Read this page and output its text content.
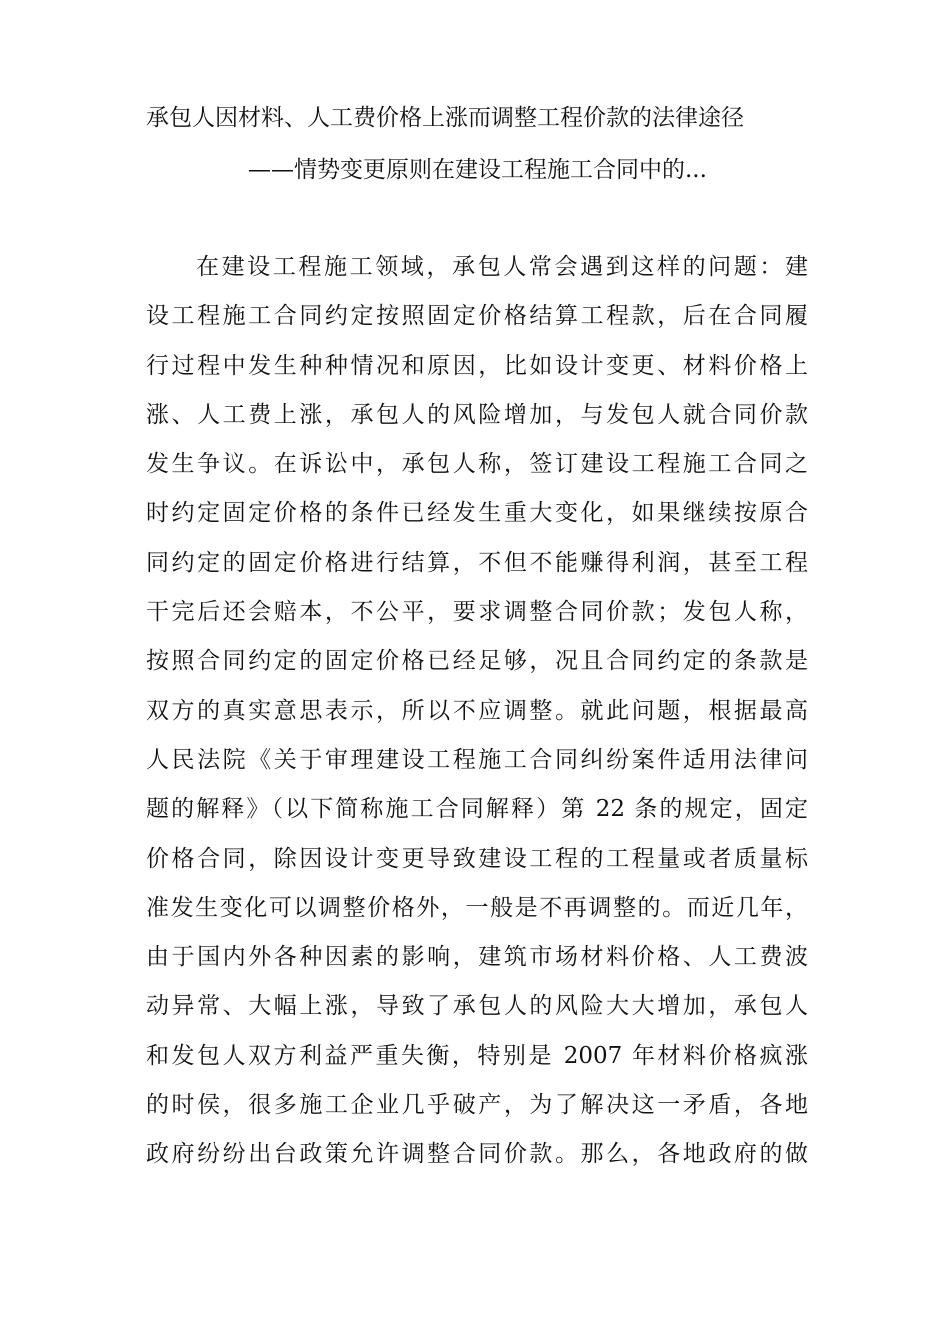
承包人因材料、人工费价格上涨而调整工程价款的法律途径
——情势变更原则在建设工程施工合同中的...
在建设工程施工领域，承包人常会遇到这样的问题：建
设工程施工合同约定按照固定价格结算工程款，后在合同履
行过程中发生种种情况和原因，比如设计变更、材料价格上
涨、人工费上涨，承包人的风险增加，与发包人就合同价款
发生争议。在诉讼中，承包人称，签订建设工程施工合同之
时约定固定价格的条件已经发生重大变化，如果继续按原合
同约定的固定价格进行结算，不但不能赚得利润，甚至工程
干完后还会赔本，不公平，要求调整合同价款；发包人称，
按照合同约定的固定价格已经足够，况且合同约定的条款是
双方的真实意思表示，所以不应调整。就此问题，根据最高
人民法院《关于审理建设工程施工合同纠纷案件适用法律问
题的解释》（以下简称施工合同解释）第 22 条的规定，固定
价格合同，除因设计变更导致建设工程的工程量或者质量标
准发生变化可以调整价格外，一般是不再调整的。而近几年，
由于国内外各种因素的影响，建筑市场材料价格、人工费波
动异常、大幅上涨，导致了承包人的风险大大增加，承包人
和发包人双方利益严重失衡，特别是 2007 年材料价格疯涨
的时侯，很多施工企业几乎破产，为了解决这一矛盾，各地
政府纷纷出台政策允许调整合同价款。那么，各地政府的做
